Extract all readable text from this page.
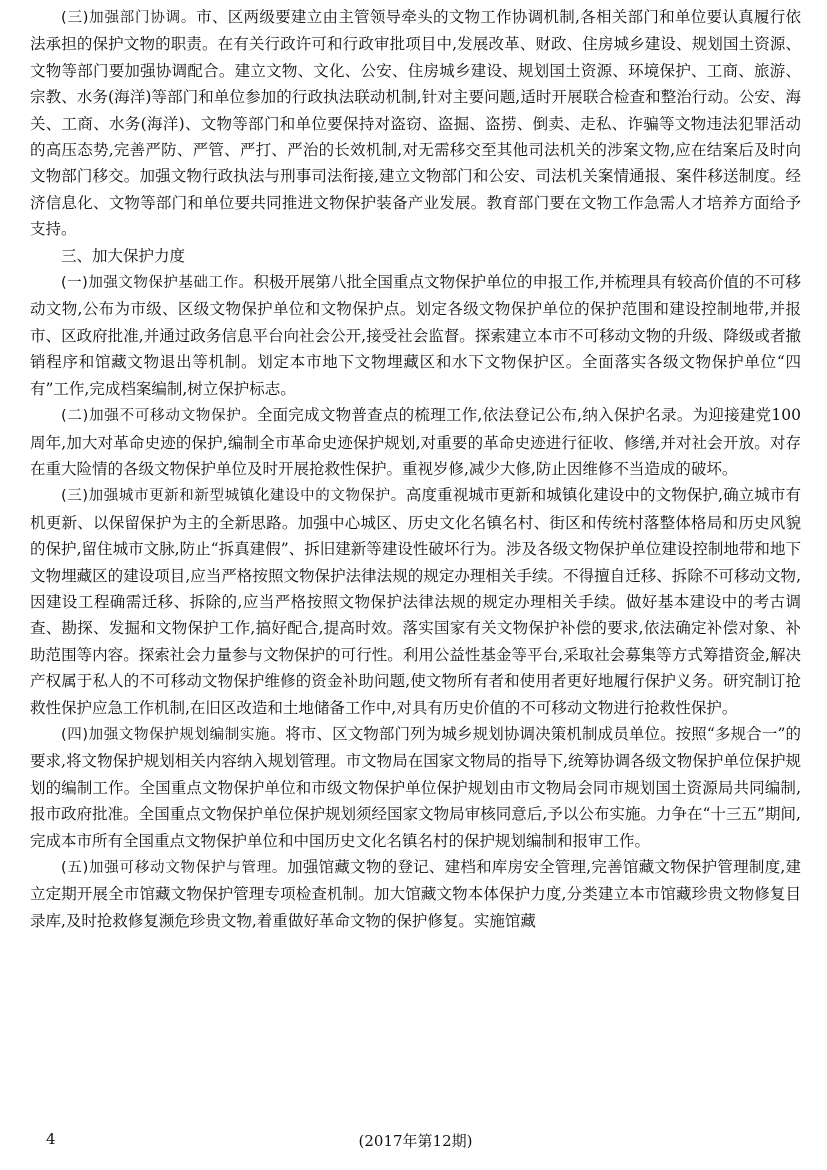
(三)加强部门协调。市、区两级要建立由主管领导牵头的文物工作协调机制,各相关部门和单位要认真履行依法承担的保护文物的职责。在有关行政许可和行政审批项目中,发展改革、财政、住房城乡建设、规划国土资源、文物等部门要加强协调配合。建立文物、文化、公安、住房城乡建设、规划国土资源、环境保护、工商、旅游、宗教、水务(海洋)等部门和单位参加的行政执法联动机制,针对主要问题,适时开展联合检查和整治行动。公安、海关、工商、水务(海洋)、文物等部门和单位要保持对盗窃、盗掘、盗捞、倒卖、走私、诈骗等文物违法犯罪活动的高压态势,完善严防、严管、严打、严治的长效机制,对无需移交至其他司法机关的涉案文物,应在结案后及时向文物部门移交。加强文物行政执法与刑事司法衔接,建立文物部门和公安、司法机关案情通报、案件移送制度。经济信息化、文物等部门和单位要共同推进文物保护装备产业发展。教育部门要在文物工作急需人才培养方面给予支持。

三、加大保护力度

(一)加强文物保护基础工作。积极开展第八批全国重点文物保护单位的申报工作,并梳理具有较高价值的不可移动文物,公布为市级、区级文物保护单位和文物保护点。划定各级文物保护单位的保护范围和建设控制地带,并报市、区政府批准,并通过政务信息平台向社会公开,接受社会监督。探索建立本市不可移动文物的升级、降级或者撤销程序和馆藏文物退出等机制。划定本市地下文物埋藏区和水下文物保护区。全面落实各级文物保护单位“四有”工作,完成档案编制,树立保护标志。

(二)加强不可移动文物保护。全面完成文物普查点的梳理工作,依法登记公布,纳入保护名录。为迎接建党100周年,加大对革命史迹的保护,编制全市革命史迹保护规划,对重要的革命史迹进行征收、修缮,并对社会开放。对存在重大险情的各级文物保护单位及时开展抢救性保护。重视岁修,减少大修,防止因维修不当造成的破坏。

(三)加强城市更新和新型城镇化建设中的文物保护。高度重视城市更新和城镇化建设中的文物保护,确立城市有机更新、以保留保护为主的全新思路。加强中心城区、历史文化名镇名村、街区和传统村落整体格局和历史风貌的保护,留住城市文脉,防止“拆真建假”、拆旧建新等建设性破坏行为。涉及各级文物保护单位建设控制地带和地下文物埋藏区的建设项目,应当严格按照文物保护法律法规的规定办理相关手续。不得擅自迁移、拆除不可移动文物,因建设工程确需迁移、拆除的,应当严格按照文物保护法律法规的规定办理相关手续。做好基本建设中的考古调查、勘探、发掘和文物保护工作,搞好配合,提高时效。落实国家有关文物保护补偿的要求,依法确定补偿对象、补助范围等内容。探索社会力量参与文物保护的可行性。利用公益性基金等平台,采取社会募集等方式筹措资金,解决产权属于私人的不可移动文物保护维修的资金补助问题,使文物所有者和使用者更好地履行保护义务。研究制订抢救性保护应急工作机制,在旧区改造和土地储备工作中,对具有历史价值的不可移动文物进行抢救性保护。

(四)加强文物保护规划编制实施。将市、区文物部门列为城乡规划协调决策机制成员单位。按照“多规合一”的要求,将文物保护规划相关内容纳入规划管理。市文物局在国家文物局的指导下,统筹协调各级文物保护单位保护规划的编制工作。全国重点文物保护单位和市级文物保护单位保护规划由市文物局会同市规划国土资源局共同编制,报市政府批准。全国重点文物保护单位保护规划须经国家文物局审核同意后,予以公布实施。力争在“十三五”期间,完成本市所有全国重点文物保护单位和中国历史文化名镇名村的保护规划编制和报审工作。

(五)加强可移动文物保护与管理。加强馆藏文物的登记、建档和库房安全管理,完善馆藏文物保护管理制度,建立定期开展全市馆藏文物保护管理专项检查机制。加大馆藏文物本体保护力度,分类建立本市馆藏珍贵文物修复目录库,及时抢救修复濒危珍贵文物,着重做好革命文物的保护修复。实施馆藏

4	(2017年第12期)
